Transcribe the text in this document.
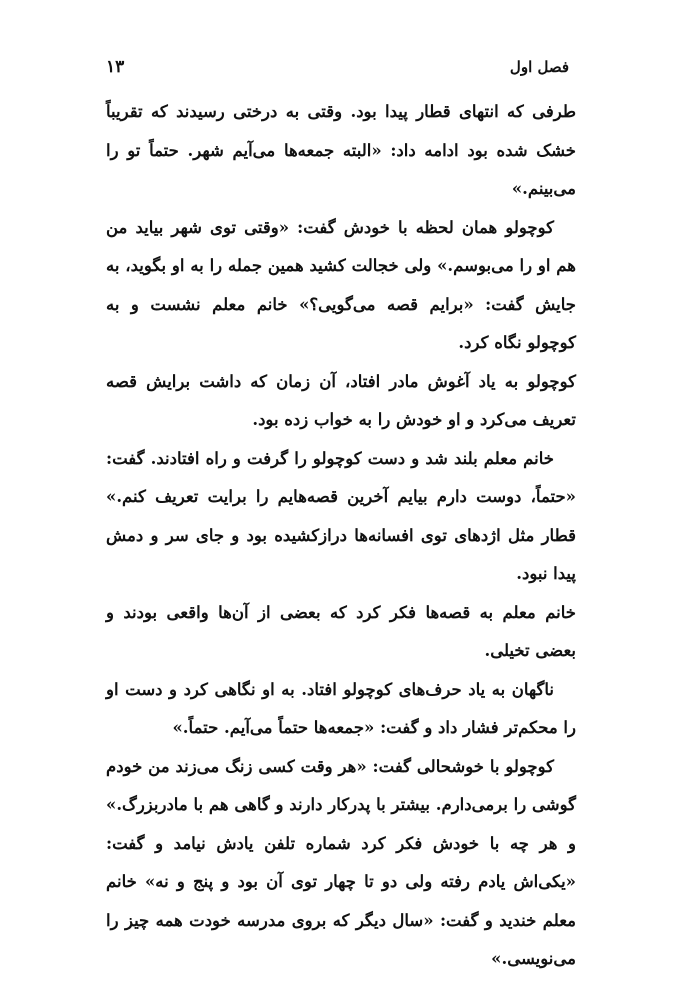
فصل اول
۱۳

طرفی که انتهای قطار پیدا بود. وقتی به درختی رسیدند که تقریباً خشک شده بود ادامه داد: «البته جمعه‌ها می‌آیم شهر. حتماً تو را می‌بینم.»

کوچولو همان لحظه با خودش گفت: «وقتی توی شهر بیاید من هم او را می‌بوسم.» ولی خجالت کشید همین جمله را به او بگوید، به جایش گفت: «برایم قصه می‌گویی؟» خانم معلم نشست و به کوچولو نگاه کرد.

کوچولو به یاد آغوش مادر افتاد، آن زمان که داشت برایش قصه تعریف می‌کرد و او خودش را به خواب زده بود.

خانم معلم بلند شد و دست کوچولو را گرفت و راه افتادند. گفت: «حتماً، دوست دارم بیایم آخرین قصه‌هایم را برایت تعریف کنم.» قطار مثل اژدهای توی افسانه‌ها درازکشیده بود و جای سر و دمش پیدا نبود.

خانم معلم به قصه‌ها فکر کرد که بعضی از آن‌ها واقعی بودند و بعضی تخیلی.

ناگهان به یاد حرف‌های کوچولو افتاد. به او نگاهی کرد و دست او را محکم‌تر فشار داد و گفت: «جمعه‌ها حتماً می‌آیم. حتماً.»

کوچولو با خوشحالی گفت: «هر وقت کسی زنگ می‌زند من خودم گوشی را برمی‌دارم. بیشتر با پدرکار دارند و گاهی هم با مادربزرگ.» و هر چه با خودش فکر کرد شماره تلفن یادش نیامد و گفت: «یکی‌اش یادم رفته ولی دو تا چهار توی آن بود و پنج و نه» خانم معلم خندید و گفت: «سال دیگر که بروی مدرسه خودت همه چیز را می‌نویسی.»
